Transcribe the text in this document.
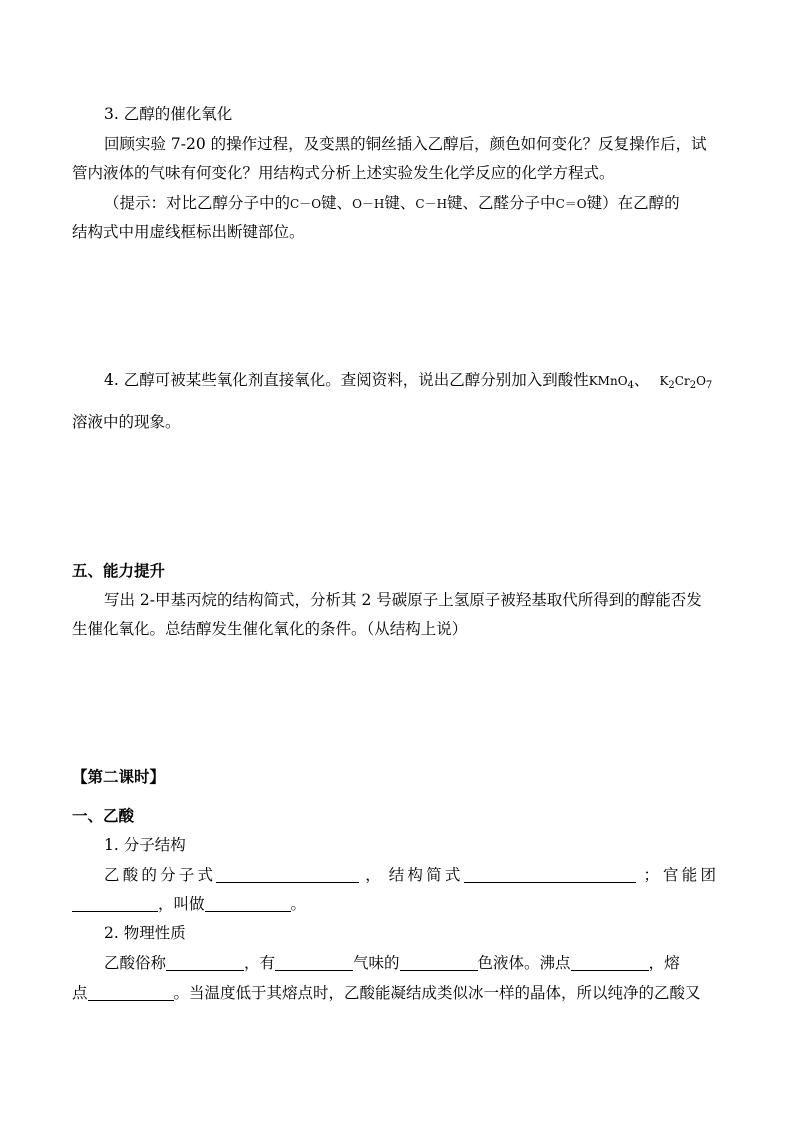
3. 乙醇的催化氧化
回顾实验 7-20 的操作过程，及变黑的铜丝插入乙醇后，颜色如何变化？反复操作后，试
管内液体的气味有何变化？用结构式分析上述实验发生化学反应的化学方程式。
（提示：对比乙醇分子中的C－O键、O－H键、C－H键、乙醛分子中C＝O键）在乙醇的
结构式中用虚线框标出断键部位。
4. 乙醇可被某些氧化剂直接氧化。查阅资料，说出乙醇分别加入到酸性KMnO$_4$、 $K_2Cr_2O_7$
溶液中的现象。
五、能力提升
写出 2-甲基丙烷的结构简式，分析其 2 号碳原子上氢原子被羟基取代所得到的醇能否发
生催化氧化。总结醇发生催化氧化的条件。（从结构上说）
【第二课时】
一、乙酸
1. 分子结构
乙酸的分子式	， 结构简式	； 官能团
，叫做	。
2. 物理性质
乙酸俗称	，有	气味的	色液体。沸点	，熔
点	。当温度低于其熔点时，乙酸能凝结成类似冰一样的晶体，所以纯净的乙酸又
